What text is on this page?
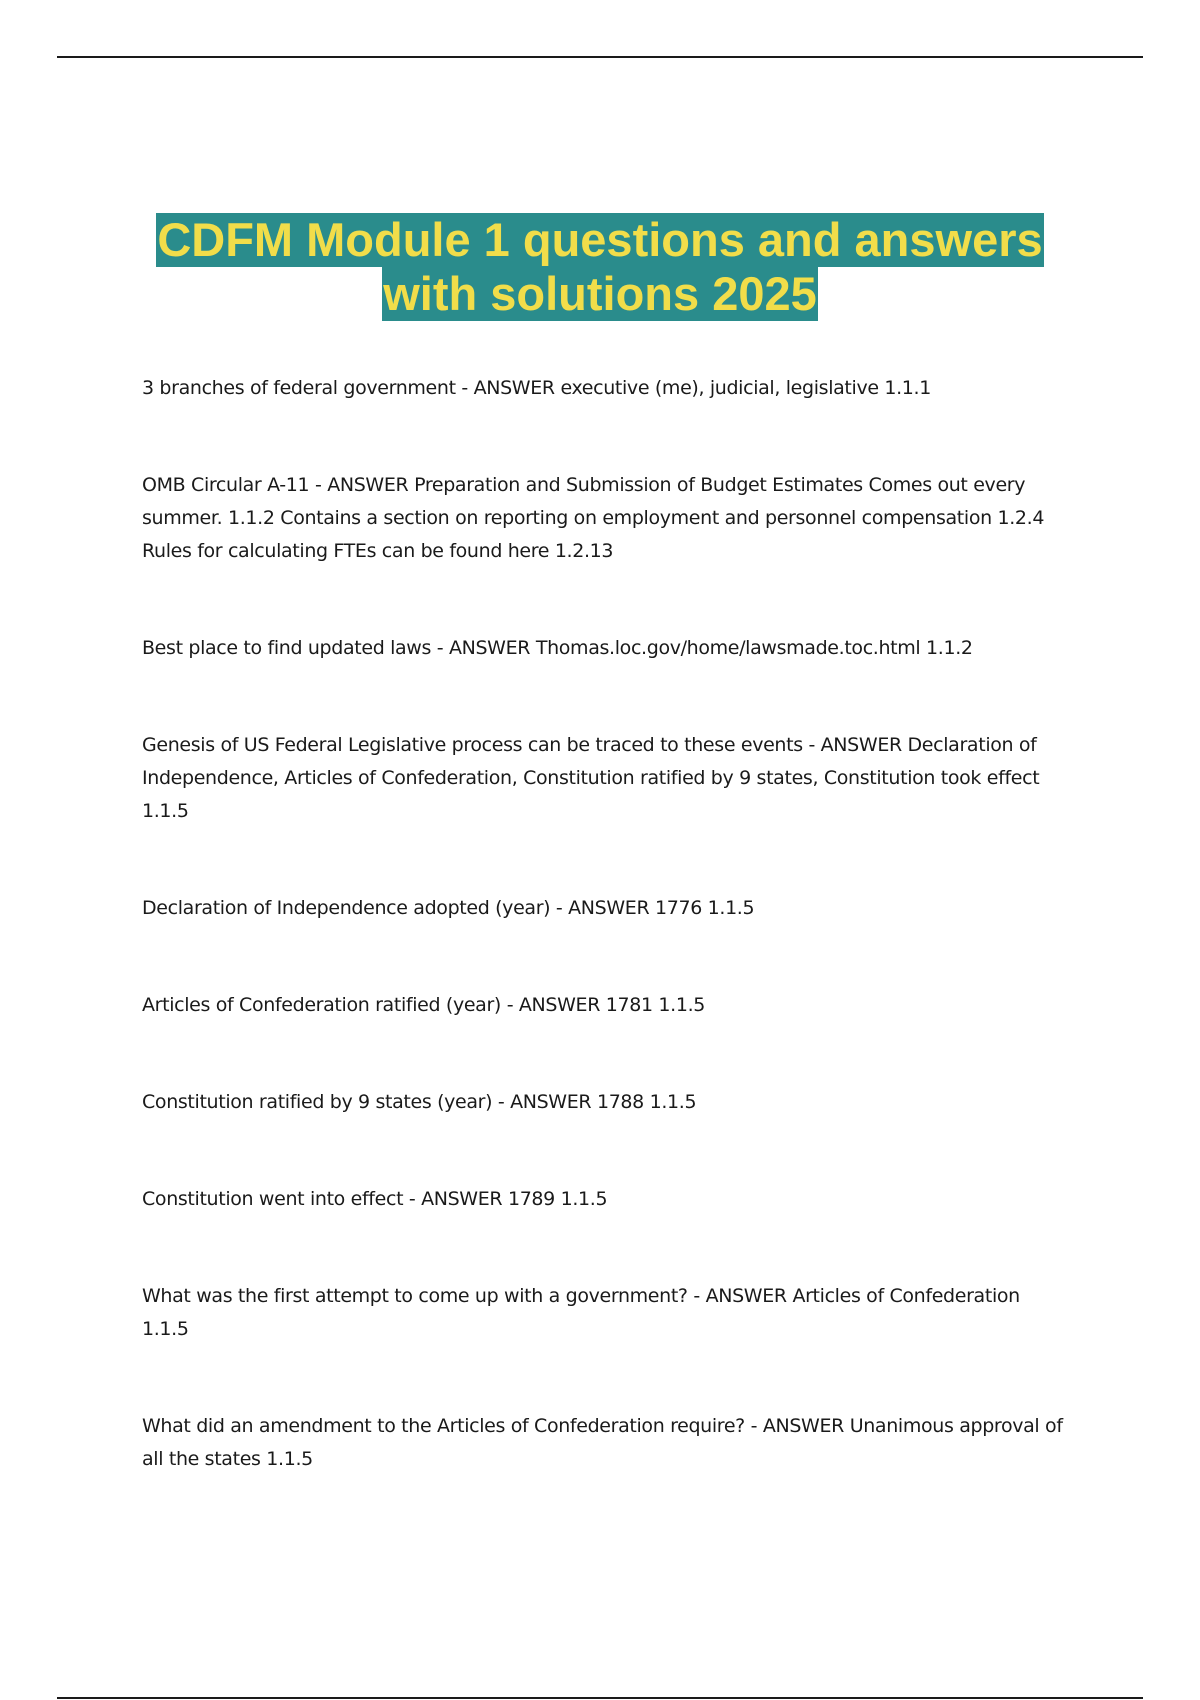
CDFM Module 1 questions and answers
with solutions 2025
3 branches of federal government - ANSWER executive (me), judicial, legislative 1.1.1
OMB Circular A-11 - ANSWER Preparation and Submission of Budget Estimates Comes out every summer. 1.1.2 Contains a section on reporting on employment and personnel compensation 1.2.4 Rules for calculating FTEs can be found here 1.2.13
Best place to find updated laws - ANSWER Thomas.loc.gov/home/lawsmade.toc.html 1.1.2
Genesis of US Federal Legislative process can be traced to these events - ANSWER Declaration of Independence, Articles of Confederation, Constitution ratified by 9 states, Constitution took effect 1.1.5
Declaration of Independence adopted (year) - ANSWER 1776 1.1.5
Articles of Confederation ratified (year) - ANSWER 1781 1.1.5
Constitution ratified by 9 states (year) - ANSWER 1788 1.1.5
Constitution went into effect - ANSWER 1789 1.1.5
What was the first attempt to come up with a government? - ANSWER Articles of Confederation 1.1.5
What did an amendment to the Articles of Confederation require? - ANSWER Unanimous approval of all the states 1.1.5
